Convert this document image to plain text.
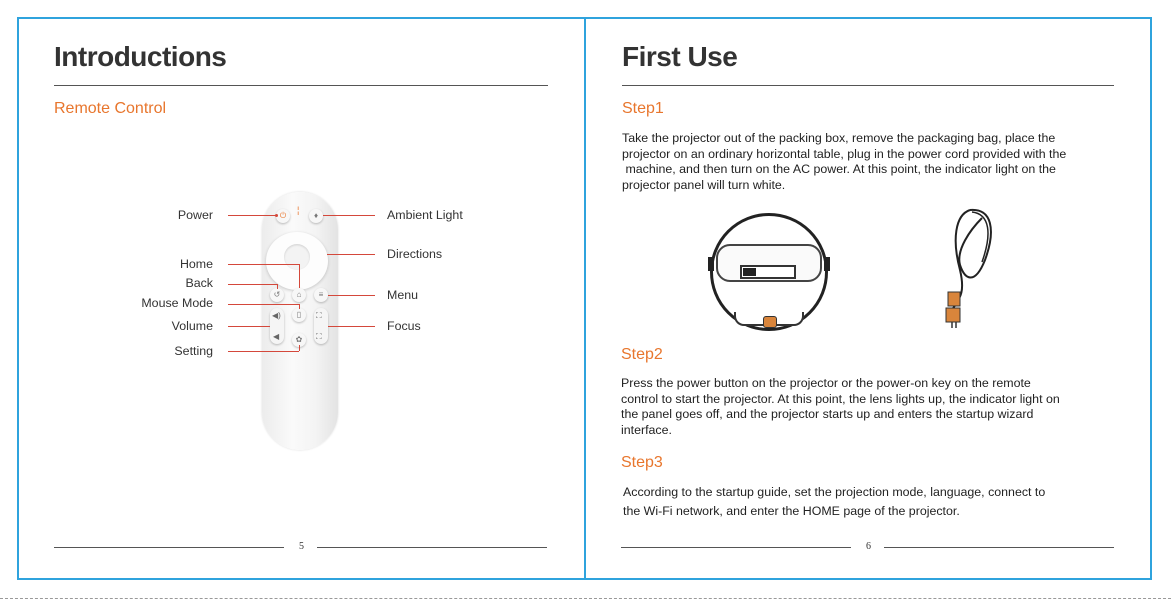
Introductions
Remote Control
⏻
¦
♦
↺	⌂	≡
▯
◀)
◀
⛶
⛶
✿
Power
Home
Back
Mouse Mode
Volume
Setting
Ambient Light
Directions
Menu
Focus
5
First Use
Step1
Take the projector out of the packing box, remove the packaging bag, place the
projector on an ordinary horizontal table, plug in the power cord provided with the
machine, and then turn on the AC power. At this point, the indicator light on the
projector panel will turn white.
Step2
Press the power button on the projector or the power-on key on the remote
control to start the projector. At this point, the lens lights up, the indicator light on
the panel goes off, and the projector starts up and enters the startup wizard
interface.
Step3
According to the startup guide, set the projection mode, language, connect to
the Wi-Fi network, and enter the HOME page of the projector.
6
